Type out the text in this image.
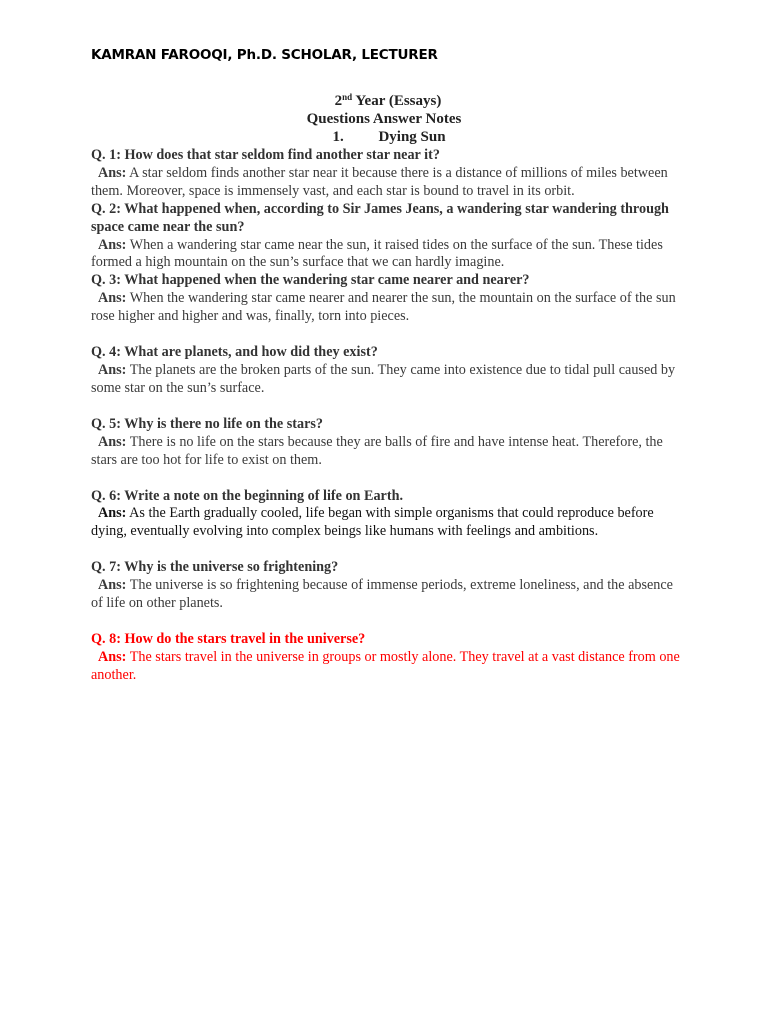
KAMRAN FAROOQI, Ph.D. SCHOLAR, LECTURER
2nd Year (Essays)
Questions Answer Notes
1. Dying Sun
Q. 1: How does that star seldom find another star near it?
Ans: A star seldom finds another star near it because there is a distance of millions of miles between them. Moreover, space is immensely vast, and each star is bound to travel in its orbit.
Q. 2: What happened when, according to Sir James Jeans, a wandering star wandering through space came near the sun?
Ans: When a wandering star came near the sun, it raised tides on the surface of the sun. These tides formed a high mountain on the sun’s surface that we can hardly imagine.
Q. 3: What happened when the wandering star came nearer and nearer?
Ans: When the wandering star came nearer and nearer the sun, the mountain on the surface of the sun rose higher and higher and was, finally, torn into pieces.
Q. 4: What are planets, and how did they exist?
Ans: The planets are the broken parts of the sun. They came into existence due to tidal pull caused by some star on the sun’s surface.
Q. 5: Why is there no life on the stars?
Ans: There is no life on the stars because they are balls of fire and have intense heat. Therefore, the stars are too hot for life to exist on them.
Q. 6: Write a note on the beginning of life on Earth.
Ans: As the Earth gradually cooled, life began with simple organisms that could reproduce before dying, eventually evolving into complex beings like humans with feelings and ambitions.
Q. 7: Why is the universe so frightening?
Ans: The universe is so frightening because of immense periods, extreme loneliness, and the absence of life on other planets.
Q. 8: How do the stars travel in the universe?
Ans: The stars travel in the universe in groups or mostly alone. They travel at a vast distance from one another.
